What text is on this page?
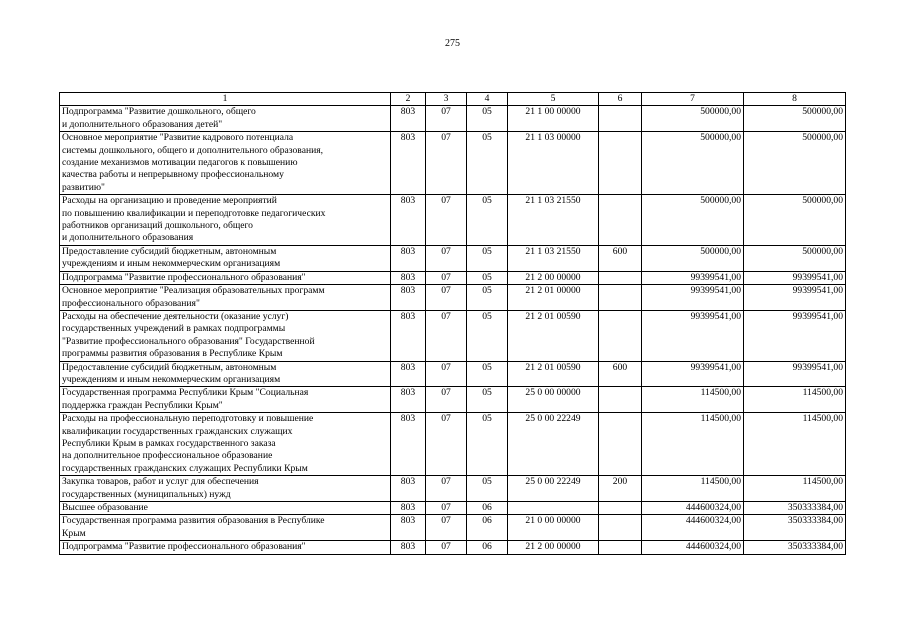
275
1	2	3	4	5	6	7	8
Подпрограмма "Развитие дошкольного, общего
и дополнительного образования детей"	803	07	05	21 1 00 00000		500000,00	500000,00
Основное мероприятие "Развитие кадрового потенциала
системы дошкольного, общего и дополнительного образования,
создание механизмов мотивации педагогов к повышению
качества работы и непрерывному профессиональному
развитию"	803	07	05	21 1 03 00000		500000,00	500000,00
Расходы на организацию и проведение мероприятий
по повышению квалификации и переподготовке педагогических
работников организаций дошкольного, общего
и дополнительного образования	803	07	05	21 1 03 21550		500000,00	500000,00
Предоставление субсидий бюджетным, автономным
учреждениям и иным некоммерческим организациям	803	07	05	21 1 03 21550	600	500000,00	500000,00
Подпрограмма "Развитие профессионального образования"	803	07	05	21 2 00 00000		99399541,00	99399541,00
Основное мероприятие "Реализация образовательных программ
профессионального образования"	803	07	05	21 2 01 00000		99399541,00	99399541,00
Расходы на обеспечение деятельности (оказание услуг)
государственных учреждений в рамках подпрограммы
"Развитие профессионального образования" Государственной
программы развития образования в Республике Крым	803	07	05	21 2 01 00590		99399541,00	99399541,00
Предоставление субсидий бюджетным, автономным
учреждениям и иным некоммерческим организациям	803	07	05	21 2 01 00590	600	99399541,00	99399541,00
Государственная программа Республики Крым "Социальная
поддержка граждан Республики Крым"	803	07	05	25 0 00 00000		114500,00	114500,00
Расходы на профессиональную переподготовку и повышение
квалификации государственных гражданских служащих
Республики Крым в рамках государственного заказа
на дополнительное профессиональное образование
государственных гражданских служащих Республики Крым	803	07	05	25 0 00 22249		114500,00	114500,00
Закупка товаров, работ и услуг для обеспечения
государственных (муниципальных) нужд	803	07	05	25 0 00 22249	200	114500,00	114500,00
Высшее образование	803	07	06			444600324,00	350333384,00
Государственная программа развития образования в Республике
Крым	803	07	06	21 0 00 00000		444600324,00	350333384,00
Подпрограмма "Развитие профессионального образования"	803	07	06	21 2 00 00000		444600324,00	350333384,00
